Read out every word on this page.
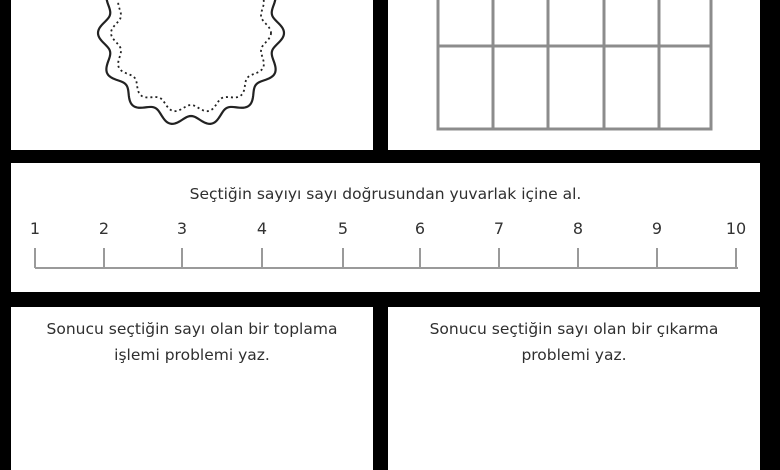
Seçtiğin sayıyı sayı doğrusundan yuvarlak içine al.
1	2	3	4	5	6	7	8	9	10
Sonucu seçtiğin sayı olan bir toplama işlemi problemi yaz.
Sonucu seçtiğin sayı olan bir çıkarma problemi yaz.
